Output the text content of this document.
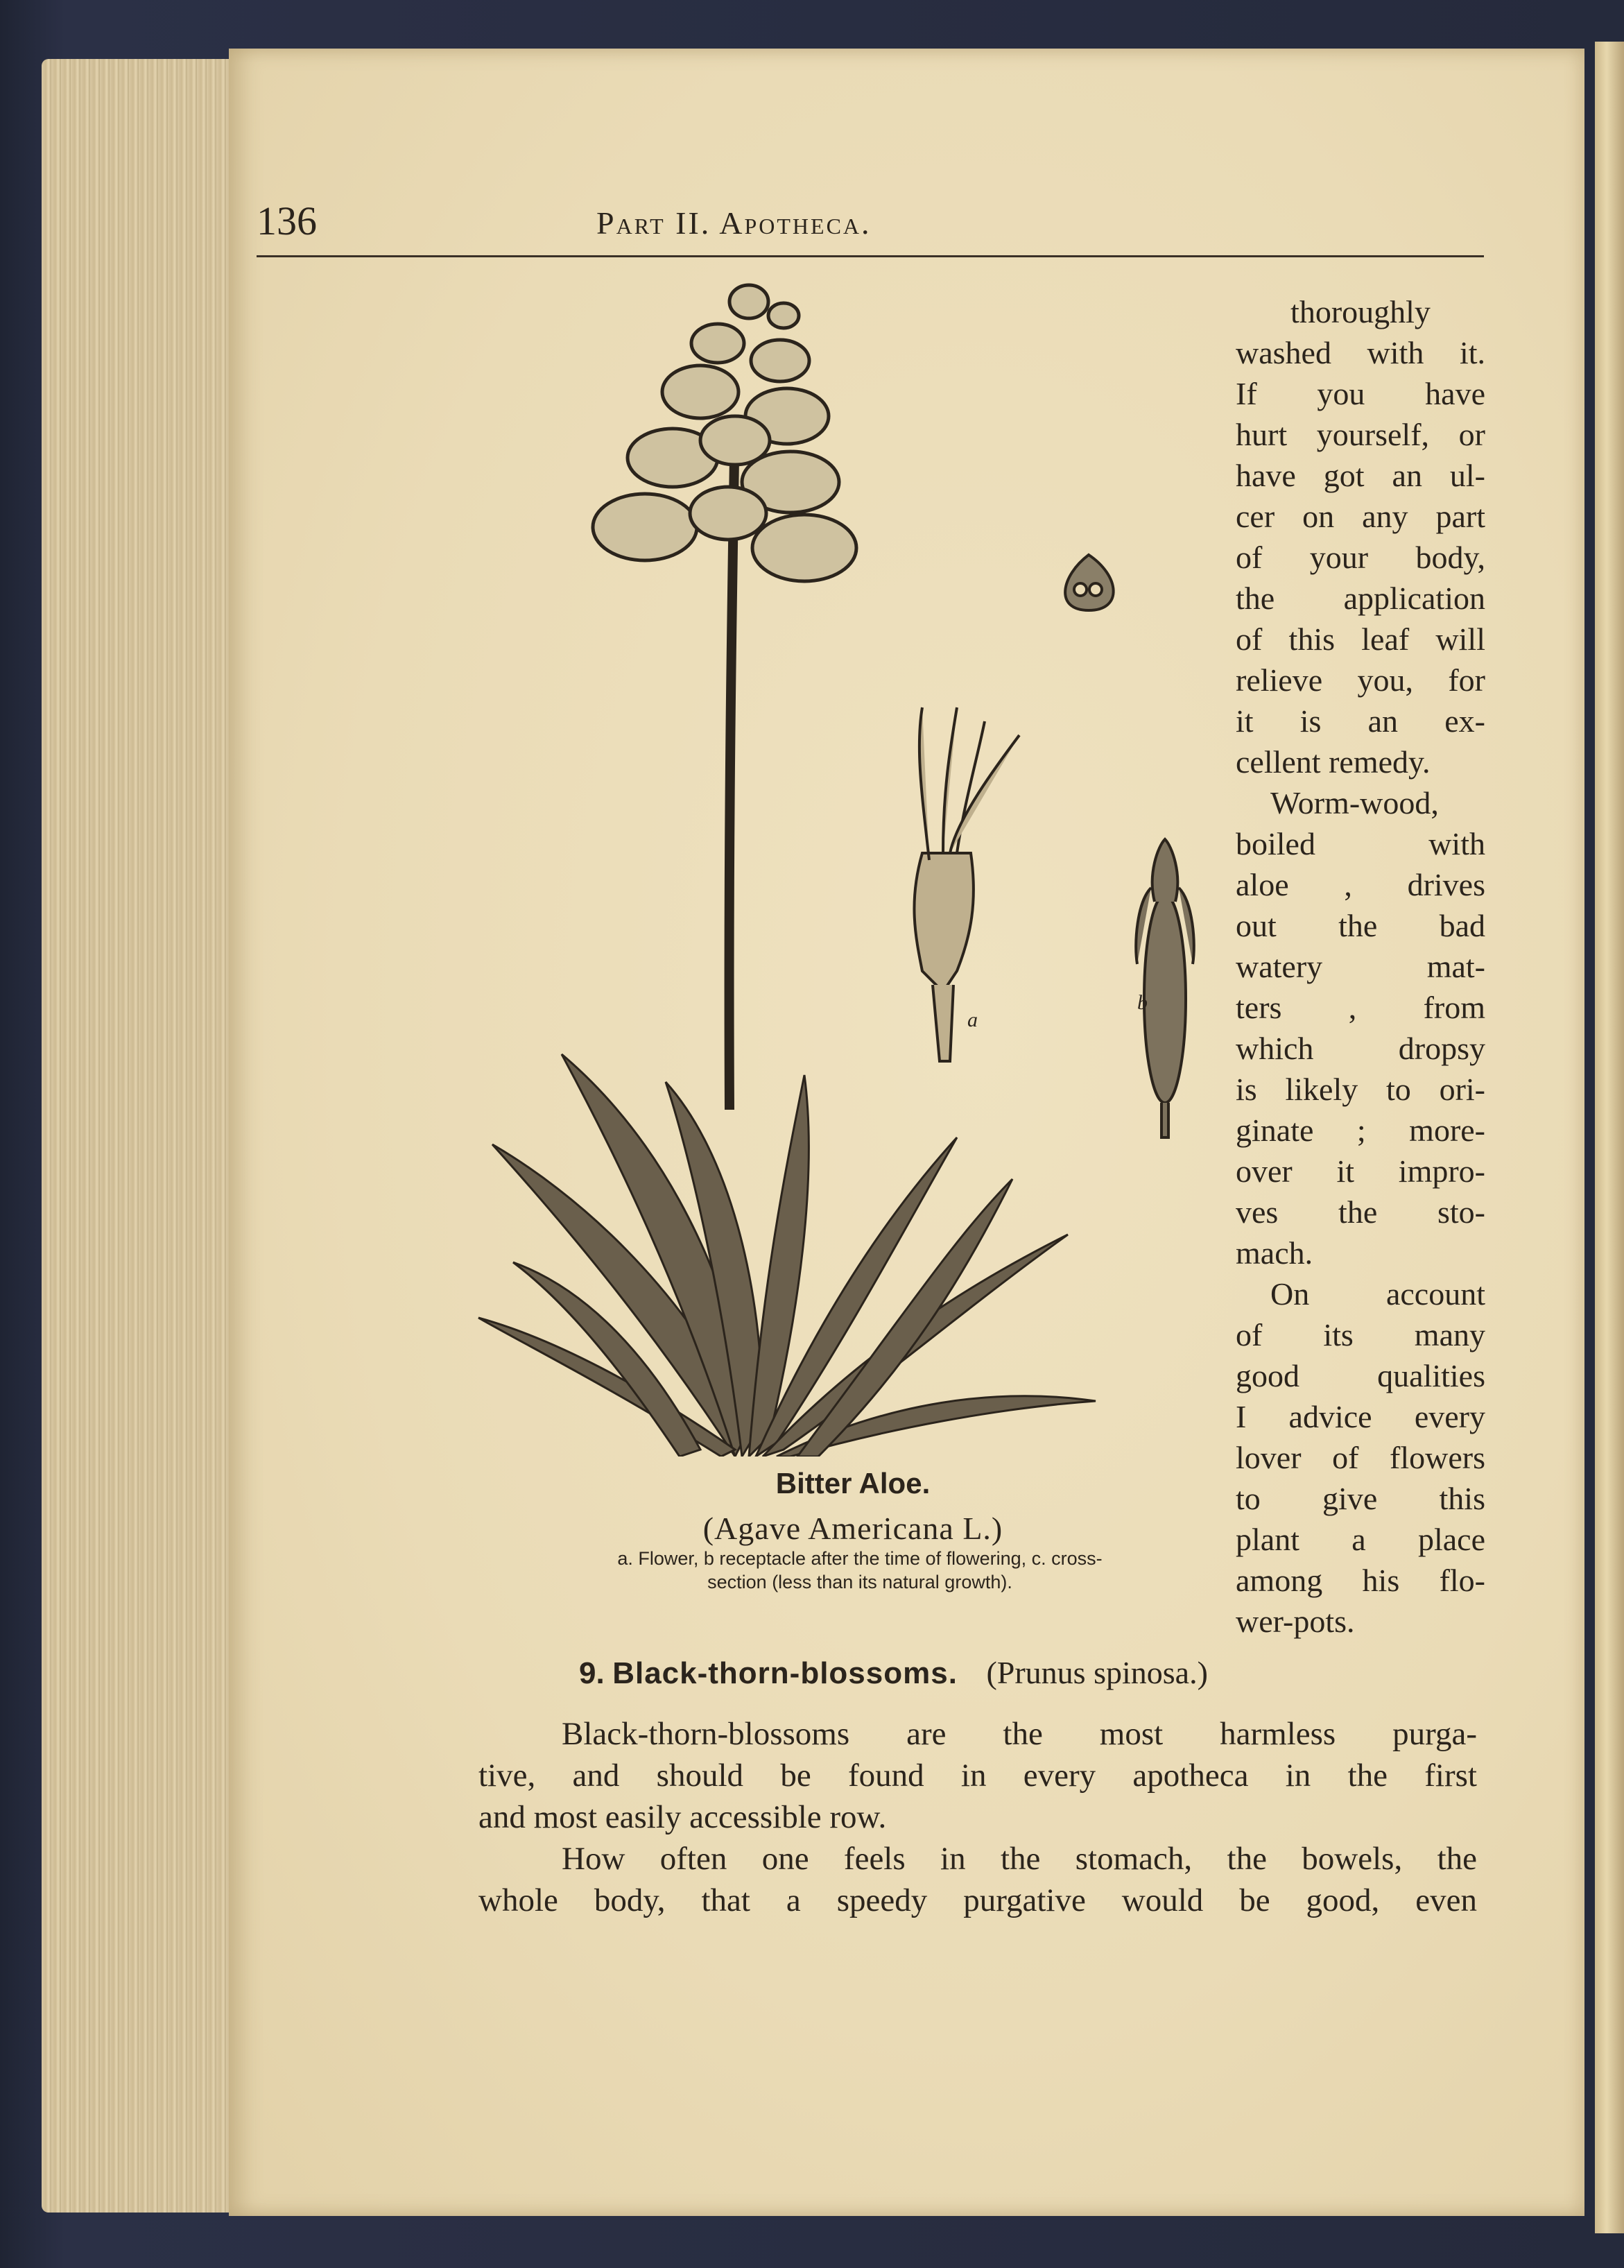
136	Part II. Apotheca.
a
b

Bitter Aloe.

(Agave Americana L.)
a. Flower, b receptacle after the time of flowering, c. cross-
section (less than its natural growth).
thoroughly
washed with it.
If you have
hurt yourself, or
have got an ul-
cer on any part
of your body,
the application
of this leaf will
relieve you, for
it is an ex-
cellent remedy.
Worm-wood,
boiled with
aloe , drives
out the bad
watery mat-
ters , from
which dropsy
is likely to ori-
ginate ; more-
over it impro-
ves the sto-
mach.
On account
of its many
good qualities
I advice every
lover of flowers
to give this
plant a place
among his flo-
wer-pots.
9. Black-thorn-blossoms. (Prunus spinosa.)
Black-thorn-blossoms are the most harmless purga-
tive, and should be found in every apotheca in the first
and most easily accessible row.
How often one feels in the stomach, the bowels, the
whole body, that a speedy purgative would be good, even
